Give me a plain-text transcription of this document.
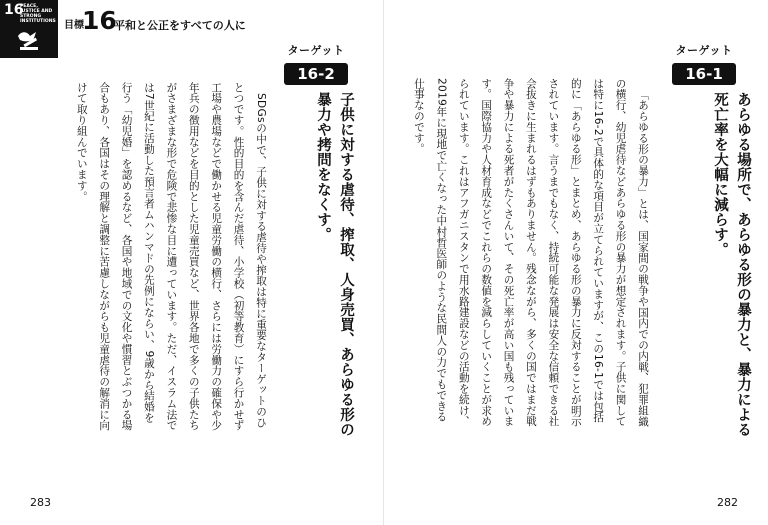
16
PEACE, JUSTICE AND STRONG INSTITUTIONS 目標
16
平和と公正をすべての人に
ターゲット
16-2
子供に対する虐待、搾取、人身売買、あらゆる形の暴力や拷問をなくす。

SDGsの中で、子供に対する虐待や搾取は特に重要なターゲットのひとつです。性的目的を含んだ虐待、小学校（初等教育）にすら行かせず工場や農場などで働かせる児童労働の横行、さらには労働力の確保や少年兵の徴用などを目的とした児童売買など、世界各地で多くの子供たちがさまざまな形で危険で悲惨な目に遭っています。ただ、イスラム法では7世紀に活動した預言者ムハンマドの先例にならい、9歳から結婚を行う「幼児婚」を認めるなど、各国や地域での文化や慣習とぶつかる場合もあり、各国はその理解と調整に苦慮しながらも児童虐待の解消に向けて取り組んでいます。

283
ターゲット
16-1
あらゆる場所で、あらゆる形の暴力と、暴力による死亡率を大幅に減らす。

「あらゆる形の暴力」とは、国家間の戦争や国内での内戦、犯罪組織の横行、幼児虐待などあらゆる形の暴力が想定されます。子供に関しては特に16-2で具体的な項目が立てられていますが、この16-1では包括的に「あらゆる形」とまとめ、あらゆる形の暴力に反対することが明示されています。言うまでもなく、持続可能な発展は安全な信頼できる社会抜きに生まれるはずもありません。残念ながら、多くの国ではまだ戦争や暴力による死者がたくさんいて、その死亡率が高い国も残っています。国際協力や人材育成などでこれらの数値を減らしていくことが求められています。これはアフガニスタンで用水路建設などの活動を続け、2019年に現地で亡くなった中村哲医師のような民間人の力でもできる仕事なのです。

282
